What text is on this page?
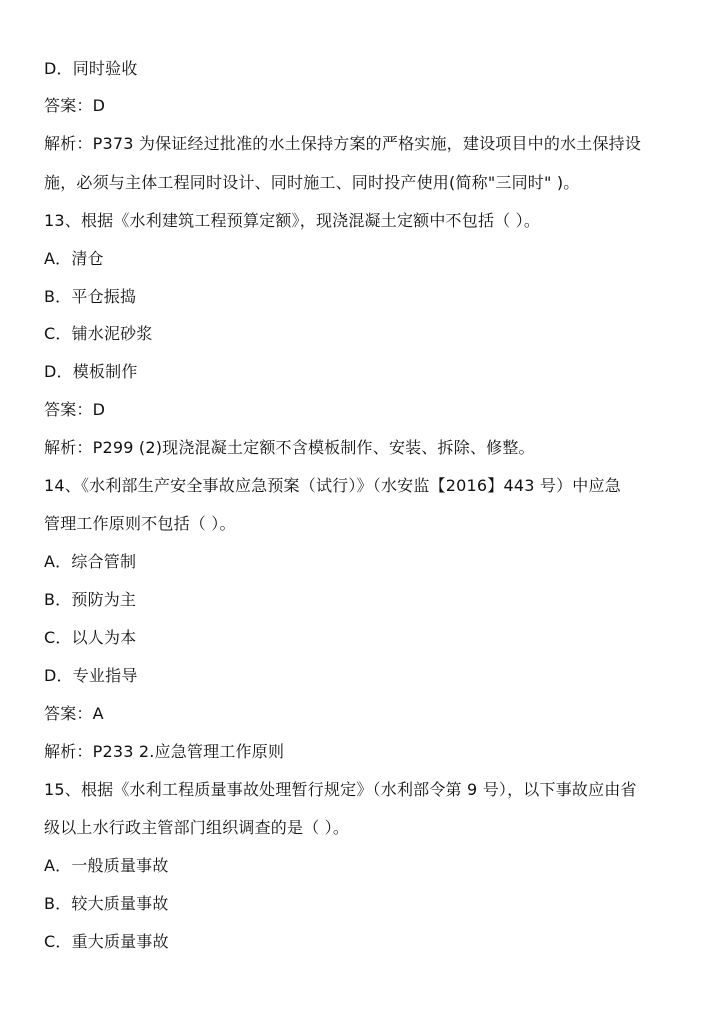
D．同时验收
答案：D
解析：P373 为保证经过批准的水土保持方案的严格实施，建设项目中的水土保持设
施，必须与主体工程同时设计、同时施工、同时投产使用(简称"三同时" )。
13、根据《水利建筑工程预算定额》，现浇混凝土定额中不包括（ ）。
A．清仓
B．平仓振捣
C．铺水泥砂浆
D．模板制作
答案：D
解析：P299 (2)现浇混凝土定额不含模板制作、安装、拆除、修整。
14、《水利部生产安全事故应急预案（试行）》（水安监【2016】443 号）中应急
管理工作原则不包括（ ）。
A．综合管制
B．预防为主
C．以人为本
D．专业指导
答案：A
解析：P233 2.应急管理工作原则
15、根据《水利工程质量事故处理暂行规定》（水利部令第 9 号），以下事故应由省
级以上水行政主管部门组织调查的是（ ）。
A．一般质量事故
B．较大质量事故
C．重大质量事故
